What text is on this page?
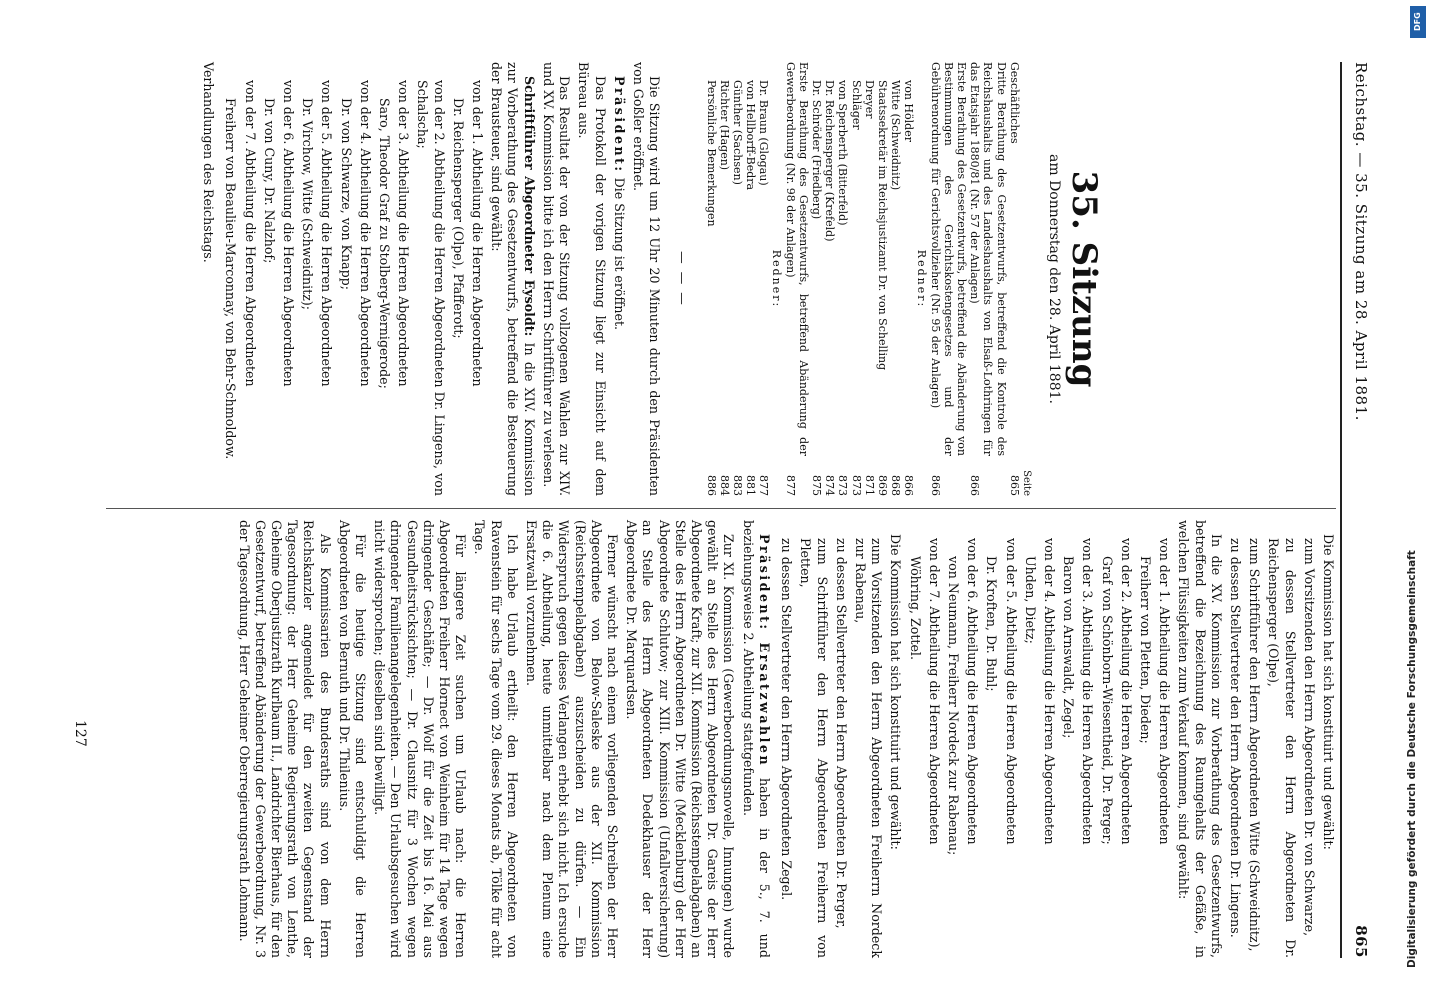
Reichstag. — 35. Sitzung am 28. April 1881.
865
35. Sitzung
am Donnerstag den 28. April 1881.
Seite
Geschäftliches
865
Dritte Berathung des Gesetzentwurfs, betreffend die Kontrole des Reichshaushalts und des Landeshaushalts von Elsaß-Lothringen für das Etatsjahr 1880/81 (Nr. 57 der Anlagen)
866
Erste Berathung des Gesetzentwurfs, betreffend die Abänderung von Bestimmungen des Gerichtskostengesetzes und der Gebührenordnung für Gerichtsvollzieher (Nr. 95 der Anlagen)
866
Redner:
von Hölder
866
Witte (Schweidnitz)
868
Staatssekretär im Reichsjustizamt Dr. von Schelling
869
Dreyer
871
Schläger
873
von Sperberth (Bitterfeld)
873
Dr. Reichensperger (Krefeld)
874
Dr. Schröder (Friedberg)
875
Erste Berathung des Gesetzentwurfs, betreffend Abänderung der Gewerbeordnung (Nr. 98 der Anlagen)
877
Redner:
Dr. Braun (Glogau)
877
von Hellborff-Bedra
881
Günther (Sachsen)
883
Richter (Hagen)
884
Persönliche Bemerkungen
886
— — —

Die Sitzung wird um 12 Uhr 20 Minuten durch den Präsidenten von Goßler eröffnet.

Präsident: Die Sitzung ist eröffnet.

Das Protokoll der vorigen Sitzung liegt zur Einsicht auf dem Büreau aus.

Das Resultat der von der Sitzung vollzogenen Wahlen zur XIV. und XV. Kommission bitte ich den Herrn Schriftführer zu verlesen.

Schriftführer Abgeordneter Eysoldt: In die XIV. Kommission zur Vorberathung des Gesetzentwurfs, betreffend die Besteuerung der Brausteuer, sind gewählt:

von der 1. Abtheilung die Herren Abgeordneten

Dr. Reichensperger (Olpe), Pfafferott;

von der 2. Abtheilung die Herren Abgeordneten Dr. Lingens, von Schalscha;

von der 3. Abtheilung die Herren Abgeordneten

Saro, Theodor Graf zu Stolberg-Wernigerode;

von der 4. Abtheilung die Herren Abgeordneten

Dr. von Schwarze, von Knapp;

von der 5. Abtheilung die Herren Abgeordneten

Dr. Virchow, Witte (Schweidnitz);

von der 6. Abtheilung die Herren Abgeordneten

Dr. von Cuny, Dr. Nalzhof;

von der 7. Abtheilung die Herren Abgeordneten

Freiherr von Beaulieu-Marconnay, von Behr-Schmoldow.

Verhandlungen des Reichstags.

Die Kommission hat sich konstituirt und gewählt:

zum Vorsitzenden den Herrn Abgeordneten Dr. von Schwarze,

zu dessen Stellvertreter den Herrn Abgeordneten Dr. Reichensperger (Olpe),

zum Schriftführer den Herrn Abgeordneten Witte (Schweidnitz),

zu dessen Stellvertreter den Herrn Abgeordneten Dr. Lingens.

In die XV. Kommission zur Vorberathung des Gesetzentwurfs, betreffend die Bezeichnung des Raumgehalts der Gefäße, in welchen Flüssigkeiten zum Verkauf kommen, sind gewählt:

von der 1. Abtheilung die Herren Abgeordneten

Freiherr von Pletten, Dieden;

von der 2. Abtheilung die Herren Abgeordneten

Graf von Schönborn-Wiesentheid, Dr. Perger;

von der 3. Abtheilung die Herren Abgeordneten

Baron von Arnswaldt, Zegel;

von der 4. Abtheilung die Herren Abgeordneten

Uhden, Dietz;

von der 5. Abtheilung die Herren Abgeordneten

Dr. Kroften, Dr. Buhl;

von der 6. Abtheilung die Herren Abgeordneten

von Neumann, Freiherr Nordeck zur Rabenau;

von der 7. Abtheilung die Herren Abgeordneten

Wöhring, Zottel.

Die Kommission hat sich konstituirt und gewählt:

zum Vorsitzenden den Herrn Abgeordneten Freiherrn Nordeck zur Rabenau,

zu dessen Stellvertreter den Herrn Abgeordneten Dr. Perger,

zum Schriftführer den Herrn Abgeordneten Freiherrn von Pletten,

zu dessen Stellvertreter den Herrn Abgeordneten Zegel.

Präsident: Ersatzwahlen haben in der 5., 7. und beziehungsweise 2. Abtheilung stattgefunden.

Zur XI. Kommission (Gewerbeordnungsnovelle, Innungen) wurde gewählt an Stelle des Herrn Abgeordneten Dr. Gareis der Herr Abgeordnete Kraft; zur XII. Kommission (Reichsstempelabgaben) an Stelle des Herrn Abgeordneten Dr. Witte (Mecklenburg) der Herr Abgeordnete Schlutow; zur XIII. Kommission (Unfallversicherung) an Stelle des Herrn Abgeordneten Dedekhauser der Herr Abgeordnete Dr. Marquardsen.

Ferner wünscht nach einem vorliegenden Schreiben der Herr Abgeordnete von Below-Saleske aus der XII. Kommission (Reichsstempelabgaben) auszuscheiden zu dürfen. — Ein Widerspruch gegen dieses Verlangen erhebt sich nicht. Ich ersuche die 6. Abtheilung, heute unmittelbar nach dem Plenum eine Ersatzwahl vorzunehmen.

Ich habe Urlaub ertheilt: den Herren Abgeordneten von Ravenstein für sechs Tage vom 29. dieses Monats ab, Tölke für acht Tage.

Für längere Zeit suchen um Urlaub nach: die Herren Abgeordneten Freiherr Hornect von Weinheim für 14 Tage wegen dringender Geschäfte; — Dr. Wolf für die Zeit bis 16. Mai aus Gesundheitsrücksichten; — Dr. Clausnitz für 3 Wochen wegen dringender Familienangelegenheiten. — Den Urlaubsgesuchen wird nicht widersprochen; dieselben sind bewilligt.

Für die heutige Sitzung sind entschuldigt die Herren Abgeordneten von Bernuth und Dr. Thilenius.

Als Kommissarien des Bundesraths sind von dem Herrn Reichskanzler angemeldet für den zweiten Gegenstand der Tagesordnung: der Herr Geheime Regierungsrath von Lenthe, Geheime Oberjustizrath Kurlbaum II., Landrichter Bierhaus, für den Gesetzentwurf, betreffend Abänderung der Gewerbeordnung, Nr. 3 der Tagesordnung, Herr Geheimer Oberregierungsrath Lohmann.

127	Digitalisierung gefördert durch die Deutsche Forschungsgemeinschaft
DFG
